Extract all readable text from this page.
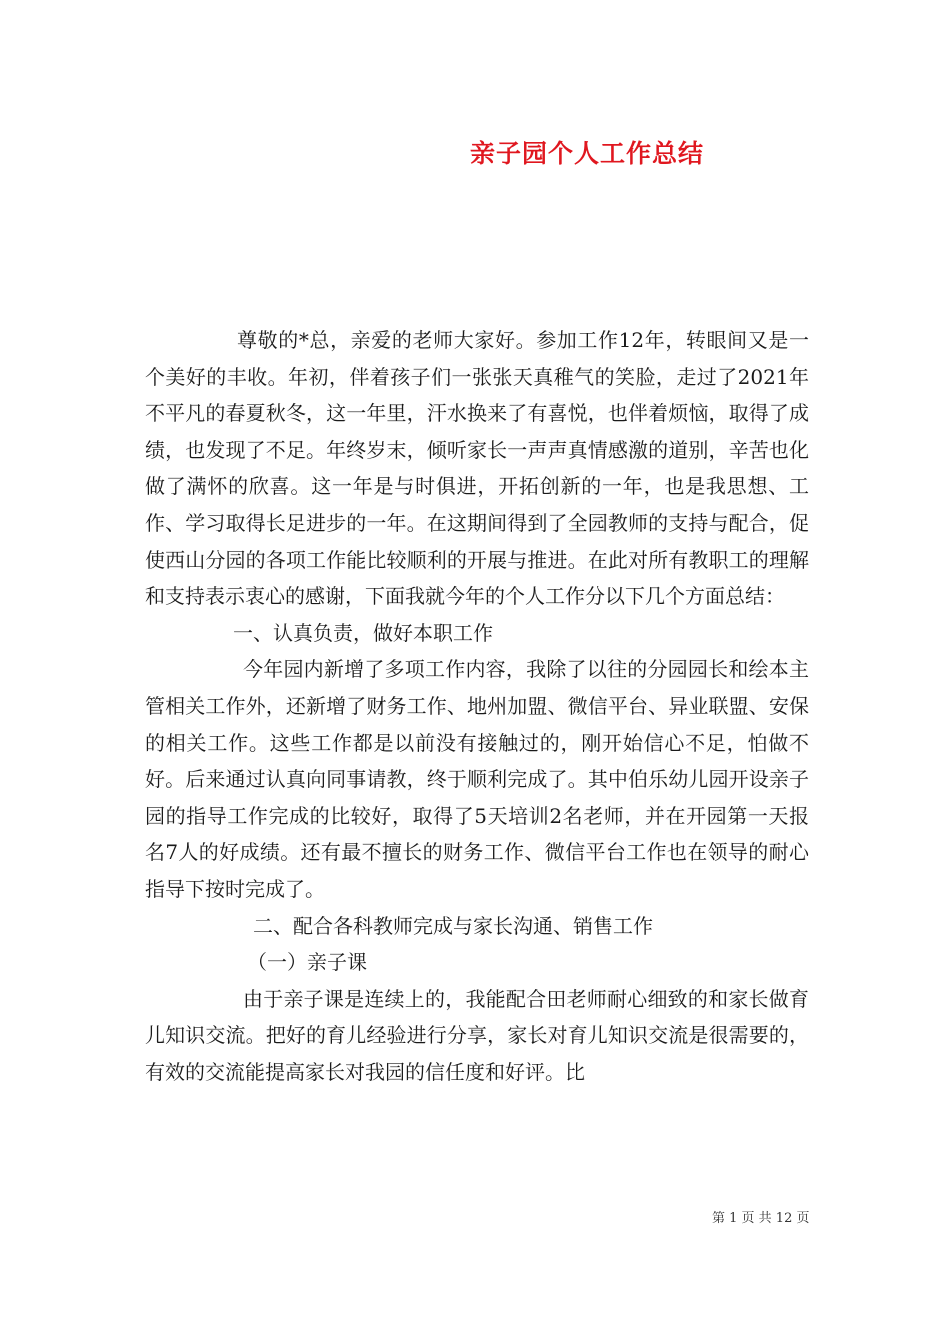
亲子园个人工作总结

尊敬的*总，亲爱的老师大家好。参加工作12年，转眼间又是一个美好的丰收。年初，伴着孩子们一张张天真稚气的笑脸，走过了2021年不平凡的春夏秋冬，这一年里，汗水换来了有喜悦，也伴着烦恼，取得了成绩，也发现了不足。年终岁末，倾听家长一声声真情感激的道别，辛苦也化做了满怀的欣喜。这一年是与时俱进，开拓创新的一年，也是我思想、工作、学习取得长足进步的一年。在这期间得到了全园教师的支持与配合，促使西山分园的各项工作能比较顺利的开展与推进。在此对所有教职工的理解和支持表示衷心的感谢，下面我就今年的个人工作分以下几个方面总结：

一、认真负责，做好本职工作

今年园内新增了多项工作内容，我除了以往的分园园长和绘本主管相关工作外，还新增了财务工作、地州加盟、微信平台、异业联盟、安保的相关工作。这些工作都是以前没有接触过的，刚开始信心不足，怕做不好。后来通过认真向同事请教，终于顺利完成了。其中伯乐幼儿园开设亲子园的指导工作完成的比较好，取得了5天培训2名老师，并在开园第一天报名7人的好成绩。还有最不擅长的财务工作、微信平台工作也在领导的耐心指导下按时完成了。

二、配合各科教师完成与家长沟通、销售工作

（一）亲子课

由于亲子课是连续上的，我能配合田老师耐心细致的和家长做育儿知识交流。把好的育儿经验进行分享，家长对育儿知识交流是很需要的，有效的交流能提高家长对我园的信任度和好评。比

第 1 页 共 12 页
